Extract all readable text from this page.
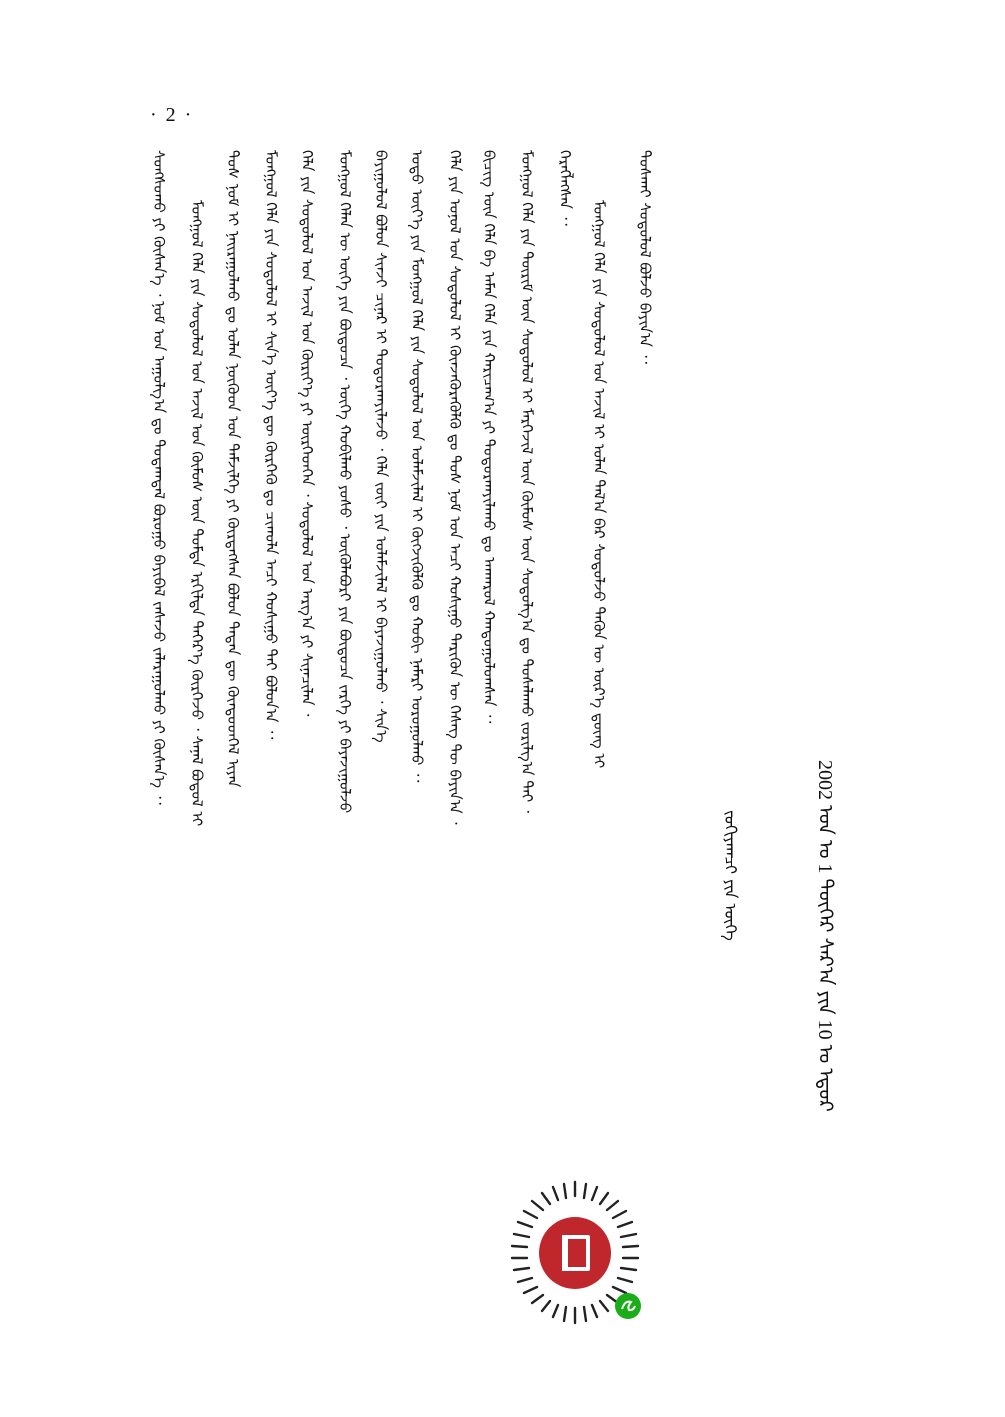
· 2 ·
ᠲᠤᠰᠬᠠᠢ ᠰᠤᠳᠤᠯᠤᠯ ᠪᠣᠯᠵᠤ ᠪᠠᠶᠢᠨ᠎ᠠ ᠂᠂
ᠮᠣᠩᠭᠣᠯ ᠬᠡᠯᠡ ᠶᠢᠨ ᠰᠤᠳᠤᠯᠤᠯ ᠤᠨ ᠠᠵᠢᠯ ᠢ ᠣᠯᠠᠨ ᠲᠠᠯ᠎ᠠ ᠪᠠᠷ ᠰᠤᠳᠤᠯᠵᠤ ᠲᠡᠭᠦᠨ ᠦ ᠦᠷ᠎ᠡ ᠳ᠋ᠦᠩ ᠢ
ᠬᠡᠷᠡᠭᠯᠡᠭᠰᠡᠨ ᠂᠂
ᠮᠣᠩᠭᠣᠯ ᠬᠡᠯᠡ ᠶᠢᠨ ᠳᠦᠷᠢᠮ ᠦᠨ ᠰᠤᠳᠤᠯᠤᠯ ᠢ ᠮᠡᠷᠭᠡᠵᠢᠯ ᠦᠨ ᠬᠦᠮᠦᠰ ᠦᠨ ᠰᠤᠳᠤᠯᠭ᠎ᠠ ᠳᠤ ᠲᠤᠰᠠᠯᠠᠬᠤ ᠵᠣᠷᠢᠯᠭ᠎ᠠ ᠲᠠᠢ ᠂
ᠪᠢᠴᠢᠭ ᠦᠨ ᠬᠡᠯᠡ ᠪᠠ ᠠᠮᠠᠨ ᠬᠡᠯᠡ ᠶᠢᠨ ᠬᠠᠷᠢᠴᠠᠭ᠎ᠠ ᠶᠢ ᠲᠣᠳᠣᠷᠬᠠᠶᠢᠯᠠᠬᠤ ᠳᠤ ᠠᠨᠬᠠᠷᠤᠯ ᠬᠠᠨᠳᠤᠭᠤᠯᠤᠭᠰᠠᠨ ᠂᠂
ᠬᠡᠯᠡ ᠶᠢᠨ ᠣᠨᠣᠯ ᠤᠨ ᠰᠤᠳᠤᠯᠤᠯ ᠢ ᠭᠦᠨᠵᠡᠭᠦᠷᠡᠭᠦᠯᠬᠦ ᠳᠤ ᠲᠤᠰ ᠨᠣᠮ ᠤᠨ ᠠᠴᠢ ᠬᠣᠰᠢᠭᠤ ᠲᠡᠷᠢᠭᠦᠨ ᠦ ᠬᠡᠰᠡᠭ ᠲᠦ ᠪᠠᠶᠢᠨ᠎ᠠ ᠂
ᠣᠳᠣ ᠦᠶ᠎ᠡ ᠶᠢᠨ ᠮᠣᠩᠭᠣᠯ ᠬᠡᠯᠡ ᠶᠢᠨ ᠰᠤᠳᠤᠯᠤᠯ ᠤᠨ ᠤᠯᠠᠮᠵᠢᠯᠠᠯ ᠢ ᠬᠦᠭᠵᠢᠭᠦᠯᠬᠦ ᠳᠤ ᠬᠤᠪᠢ ᠨᠡᠮᠡᠷᠢ ᠣᠷᠣᠭᠤᠯᠬᠤ ᠂᠂
ᠪᠠᠶᠢᠭᠤᠯᠤᠯ ᠪᠣᠯᠤᠨ ᠰᠢᠨᠵᠢ ᠴᠢᠨᠠᠷ ᠢ ᠲᠣᠳᠣᠷᠬᠠᠶᠢᠯᠠᠵᠤ ᠂ ᠬᠡᠯᠡ ᠵᠦᠢ ᠶᠢᠨ ᠤᠯᠠᠮᠵᠢᠯᠠᠯ ᠢ ᠪᠠᠶᠠᠵᠢᠭᠤᠯᠬᠤ ᠂ ᠰᠢᠨ᠎ᠡ
ᠮᠣᠩᠭᠣᠯ ᠬᠡᠯᠡᠨ ᠦ ᠦᠭᠡ ᠶᠢᠨ ᠪᠦᠲᠦᠴᠡ ᠂ ᠦᠭᠡ ᠬᠤᠪᠢᠯᠬᠤ ᠶᠣᠰᠣ ᠂ ᠦᠭᠦᠯᠡᠪᠦᠷᠢ ᠶᠢᠨ ᠪᠦᠲᠦᠴᠡ ᠵᠡᠷᠭᠡ ᠶᠢ ᠪᠠᠶᠠᠵᠢᠭᠤᠯᠵᠤ
ᠬᠡᠯᠡ ᠶᠢᠨ ᠰᠤᠳᠤᠯᠤᠯ ᠤᠨ ᠠᠵᠢᠯ ᠤᠨ ᠬᠦᠷᠢᠶ᠎ᠡ ᠶᠢ ᠥᠷᠭᠡᠳᠬᠡᠨ ᠂ ᠰᠤᠳᠤᠯᠤᠯ ᠤᠨ ᠠᠷᠭ᠎ᠠ ᠶᠢ ᠰᠢᠨᠡᠴᠢᠯᠡᠨ ᠂
ᠮᠣᠩᠭᠣᠯ ᠬᠡᠯᠡ ᠶᠢᠨ ᠰᠤᠳᠤᠯᠤᠯ ᠢ ᠰᠢᠨ᠎ᠡ ᠦᠶ᠎ᠡ ᠳᠦ ᠬᠦᠷᠭᠡᠬᠦ ᠳᠤ ᠴᠢᠬᠤᠯᠠ ᠠᠴᠢ ᠬᠣᠰᠢᠭᠤ ᠲᠠᠢ ᠪᠣᠯᠤᠨ᠎ᠠ ᠂᠂
ᠲᠤᠰ ᠨᠣᠮ ᠢ ᠨᠠᠢᠷᠠᠭᠤᠯᠬᠤ ᠳᠤ ᠣᠯᠠᠨ ᠨᠥᠬᠥᠳ ᠤᠨ ᠳᠡᠮᠵᠢᠯᠭᠡ ᠶᠢ ᠬᠦᠷᠲᠡᠭᠰᠡᠨ ᠪᠣᠯᠤᠨ ᠲᠡᠳᠡᠨ ᠳᠦ ᠬᠦᠨᠳᠦᠳᠬᠡᠯ ᠢᠶᠡᠨ
ᠮᠣᠩᠭᠣᠯ ᠬᠡᠯᠡ ᠶᠢᠨ ᠰᠤᠳᠤᠯᠤᠯ ᠤᠨ ᠠᠵᠢᠯ ᠤᠨ ᠬᠦᠮᠦᠰ ᠦᠨ ᠳᠤᠮᠳᠠ ᠡᠷᠭᠢᠯᠲᠡ ᠳᠡᠭᠡᠷ᠎ᠡ ᠬᠦᠷᠭᠡᠵᠦ ᠂ ᠰᠠᠨᠠᠯ ᠪᠤᠳᠤᠯ ᠢ
ᠰᠣᠩᠰᠣᠬᠤ ᠶᠢ ᠬᠦᠰᠡᠨ᠎ᠡ ᠂ ᠨᠣᠮ ᠤᠨ ᠠᠭᠤᠯᠭ᠎ᠠ ᠳᠤ ᠳᠤᠲᠠᠭᠳᠠᠯ ᠪᠤᠷᠤᠭᠤ ᠪᠠᠶᠢᠪᠠᠯ ᠵᠠᠰᠠᠵᠤ ᠵᠠᠯᠠᠷᠠᠭᠤᠯᠬᠤ ᠶᠢ ᠬᠦᠰᠡᠨ᠎ᠡ ᠂᠂
2002 ᠣᠨ ᠤ 1 ᠳᠦᠭᠡᠷ ᠰᠠᠷ᠎ᠠ ᠶᠢᠨ 10 ᠤ ᠡᠳᠦᠷ
ᠵᠣᠬᠢᠶᠠᠭᠴᠢ ᠶᠢᠨ ᠦᠭᠡ
